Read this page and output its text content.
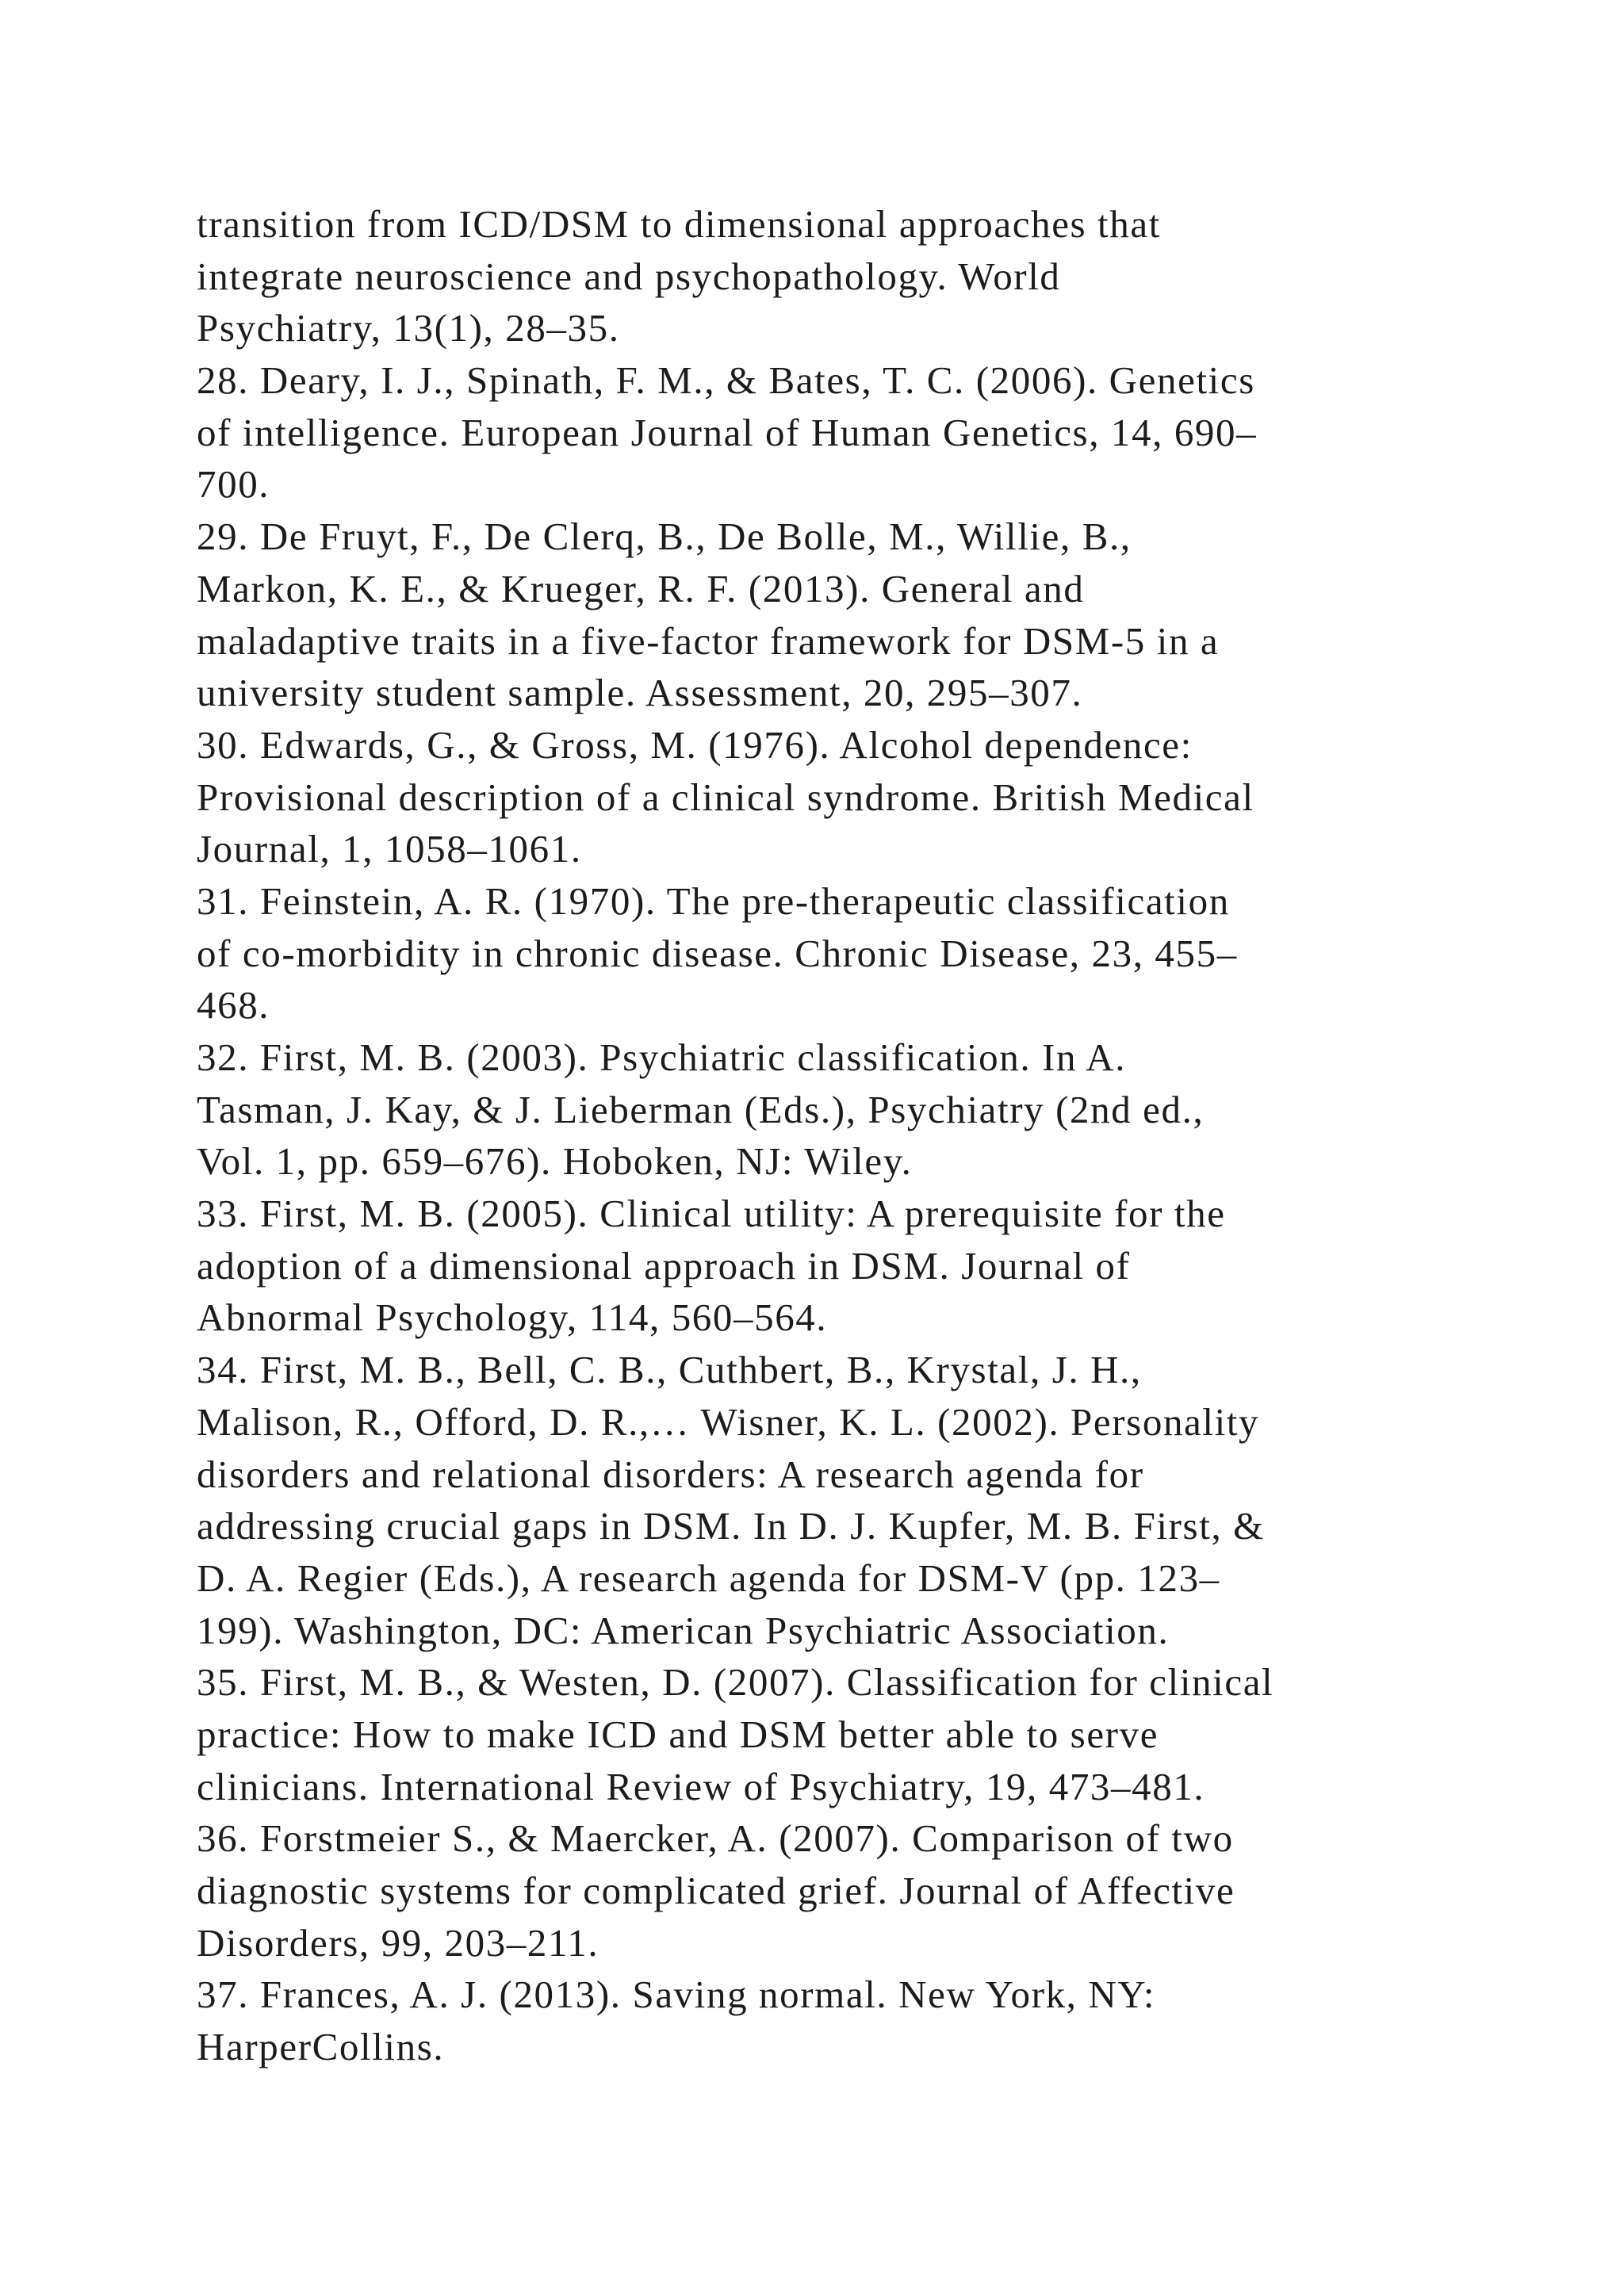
transition from ICD/DSM to dimensional approaches that
integrate neuroscience and psychopathology. World
Psychiatry, 13(1), 28–35.
28. Deary, I. J., Spinath, F. M., & Bates, T. C. (2006). Genetics
of intelligence. European Journal of Human Genetics, 14, 690–
700.
29. De Fruyt, F., De Clerq, B., De Bolle, M., Willie, B.,
Markon, K. E., & Krueger, R. F. (2013). General and
maladaptive traits in a five-factor framework for DSM-5 in a
university student sample. Assessment, 20, 295–307.
30. Edwards, G., & Gross, M. (1976). Alcohol dependence:
Provisional description of a clinical syndrome. British Medical
Journal, 1, 1058–1061.
31. Feinstein, A. R. (1970). The pre-therapeutic classification
of co-morbidity in chronic disease. Chronic Disease, 23, 455–
468.
32. First, M. B. (2003). Psychiatric classification. In A.
Tasman, J. Kay, & J. Lieberman (Eds.), Psychiatry (2nd ed.,
Vol. 1, pp. 659–676). Hoboken, NJ: Wiley.
33. First, M. B. (2005). Clinical utility: A prerequisite for the
adoption of a dimensional approach in DSM. Journal of
Abnormal Psychology, 114, 560–564.
34. First, M. B., Bell, C. B., Cuthbert, B., Krystal, J. H.,
Malison, R., Offord, D. R.,… Wisner, K. L. (2002). Personality
disorders and relational disorders: A research agenda for
addressing crucial gaps in DSM. In D. J. Kupfer, M. B. First, &
D. A. Regier (Eds.), A research agenda for DSM-V (pp. 123–
199). Washington, DC: American Psychiatric Association.
35. First, M. B., & Westen, D. (2007). Classification for clinical
practice: How to make ICD and DSM better able to serve
clinicians. International Review of Psychiatry, 19, 473–481.
36. Forstmeier S., & Maercker, A. (2007). Comparison of two
diagnostic systems for complicated grief. Journal of Affective
Disorders, 99, 203–211.
37. Frances, A. J. (2013). Saving normal. New York, NY:
HarperCollins.
